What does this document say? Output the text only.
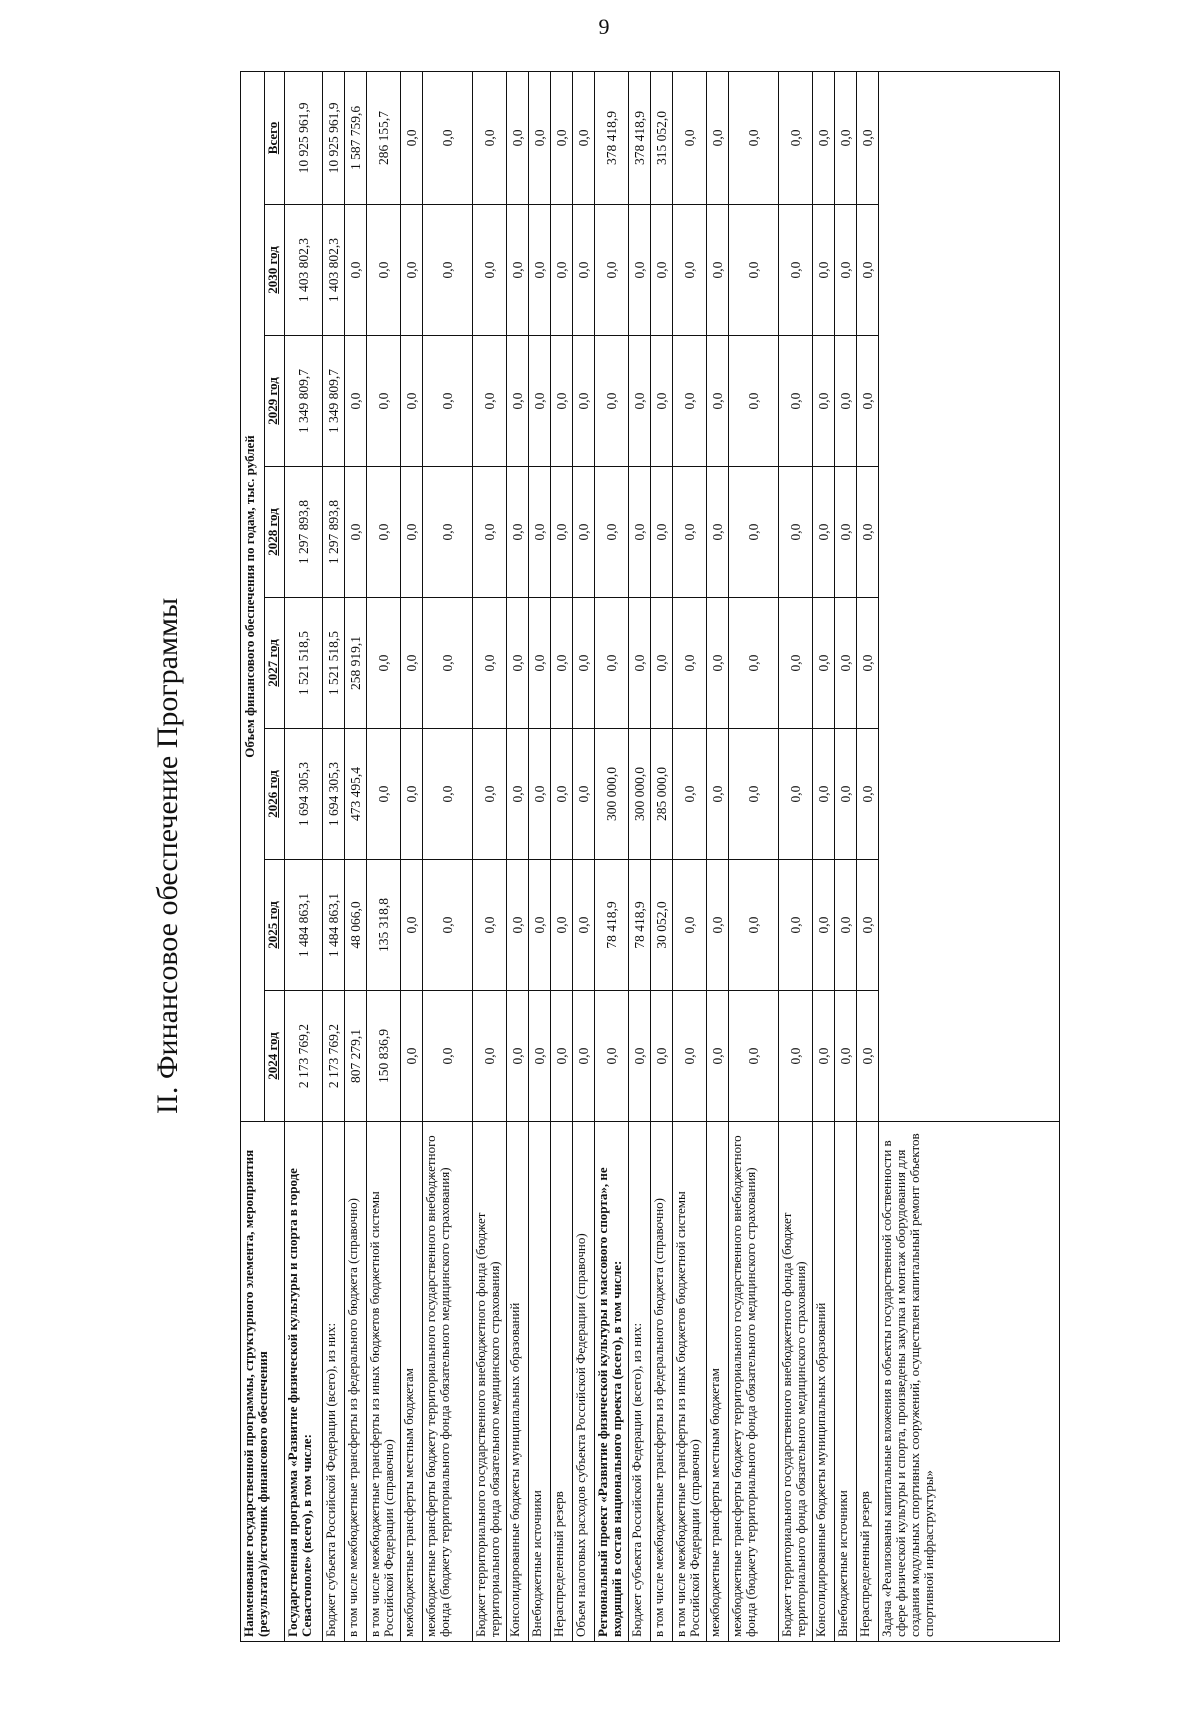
9
II. Финансовое обеспечение Программы
Наименование государственной программы, структурного элемента, мероприятия (результата)/источник финансового обеспечения	Объем финансового обеспечения по годам, тыс. рублей							
	2024 год	2025 год	2026 год	2027 год	2028 год	2029 год	2030 год	Всего
Государственная программа «Развитие физической культуры и спорта в городе Севастополе» (всего), в том числе:	2 173 769,2	1 484 863,1	1 694 305,3	1 521 518,5	1 297 893,8	1 349 809,7	1 403 802,3	10 925 961,9
Бюджет субъекта Российской Федерации (всего), из них:	2 173 769,2	1 484 863,1	1 694 305,3	1 521 518,5	1 297 893,8	1 349 809,7	1 403 802,3	10 925 961,9
в том числе межбюджетные трансферты из федерального бюджета (справочно)	807 279,1	48 066,0	473 495,4	258 919,1	0,0	0,0	0,0	1 587 759,6
в том числе межбюджетные трансферты из иных бюджетов бюджетной системы Российской Федерации (справочно)	150 836,9	135 318,8	0,0	0,0	0,0	0,0	0,0	286 155,7
межбюджетные трансферты местным бюджетам	0,0	0,0	0,0	0,0	0,0	0,0	0,0	0,0
межбюджетные трансферты бюджету территориального государственного внебюджетного фонда (бюджету территориального фонда обязательного медицинского страхования)	0,0	0,0	0,0	0,0	0,0	0,0	0,0	0,0
Бюджет территориального государственного внебюджетного фонда (бюджет территориального фонда обязательного медицинского страхования)	0,0	0,0	0,0	0,0	0,0	0,0	0,0	0,0
Консолидированные бюджеты муниципальных образований	0,0	0,0	0,0	0,0	0,0	0,0	0,0	0,0
Внебюджетные источники	0,0	0,0	0,0	0,0	0,0	0,0	0,0	0,0
Нераспределенный резерв	0,0	0,0	0,0	0,0	0,0	0,0	0,0	0,0
Объем налоговых расходов субъекта Российской Федерации (справочно)	0,0	0,0	0,0	0,0	0,0	0,0	0,0	0,0
Региональный проект «Развитие физической культуры и массового спорта», не входящий в состав национального проекта (всего), в том числе:	0,0	78 418,9	300 000,0	0,0	0,0	0,0	0,0	378 418,9
Бюджет субъекта Российской Федерации (всего), из них:	0,0	78 418,9	300 000,0	0,0	0,0	0,0	0,0	378 418,9
в том числе межбюджетные трансферты из федерального бюджета (справочно)	0,0	30 052,0	285 000,0	0,0	0,0	0,0	0,0	315 052,0
в том числе межбюджетные трансферты из иных бюджетов бюджетной системы Российской Федерации (справочно)	0,0	0,0	0,0	0,0	0,0	0,0	0,0	0,0
межбюджетные трансферты местным бюджетам	0,0	0,0	0,0	0,0	0,0	0,0	0,0	0,0
межбюджетные трансферты бюджету территориального государственного внебюджетного фонда (бюджету территориального фонда обязательного медицинского страхования)	0,0	0,0	0,0	0,0	0,0	0,0	0,0	0,0
Бюджет территориального государственного внебюджетного фонда (бюджет территориального фонда обязательного медицинского страхования)	0,0	0,0	0,0	0,0	0,0	0,0	0,0	0,0
Консолидированные бюджеты муниципальных образований	0,0	0,0	0,0	0,0	0,0	0,0	0,0	0,0
Внебюджетные источники	0,0	0,0	0,0	0,0	0,0	0,0	0,0	0,0
Нераспределенный резерв	0,0	0,0	0,0	0,0	0,0	0,0	0,0	0,0
Задача «Реализованы капитальные вложения в объекты государственной собственности в сфере физической культуры и спорта, произведены закупка и монтаж оборудования для создания модульных спортивных сооружений, осуществлен капитальный ремонт объектов спортивной инфраструктуры»								
